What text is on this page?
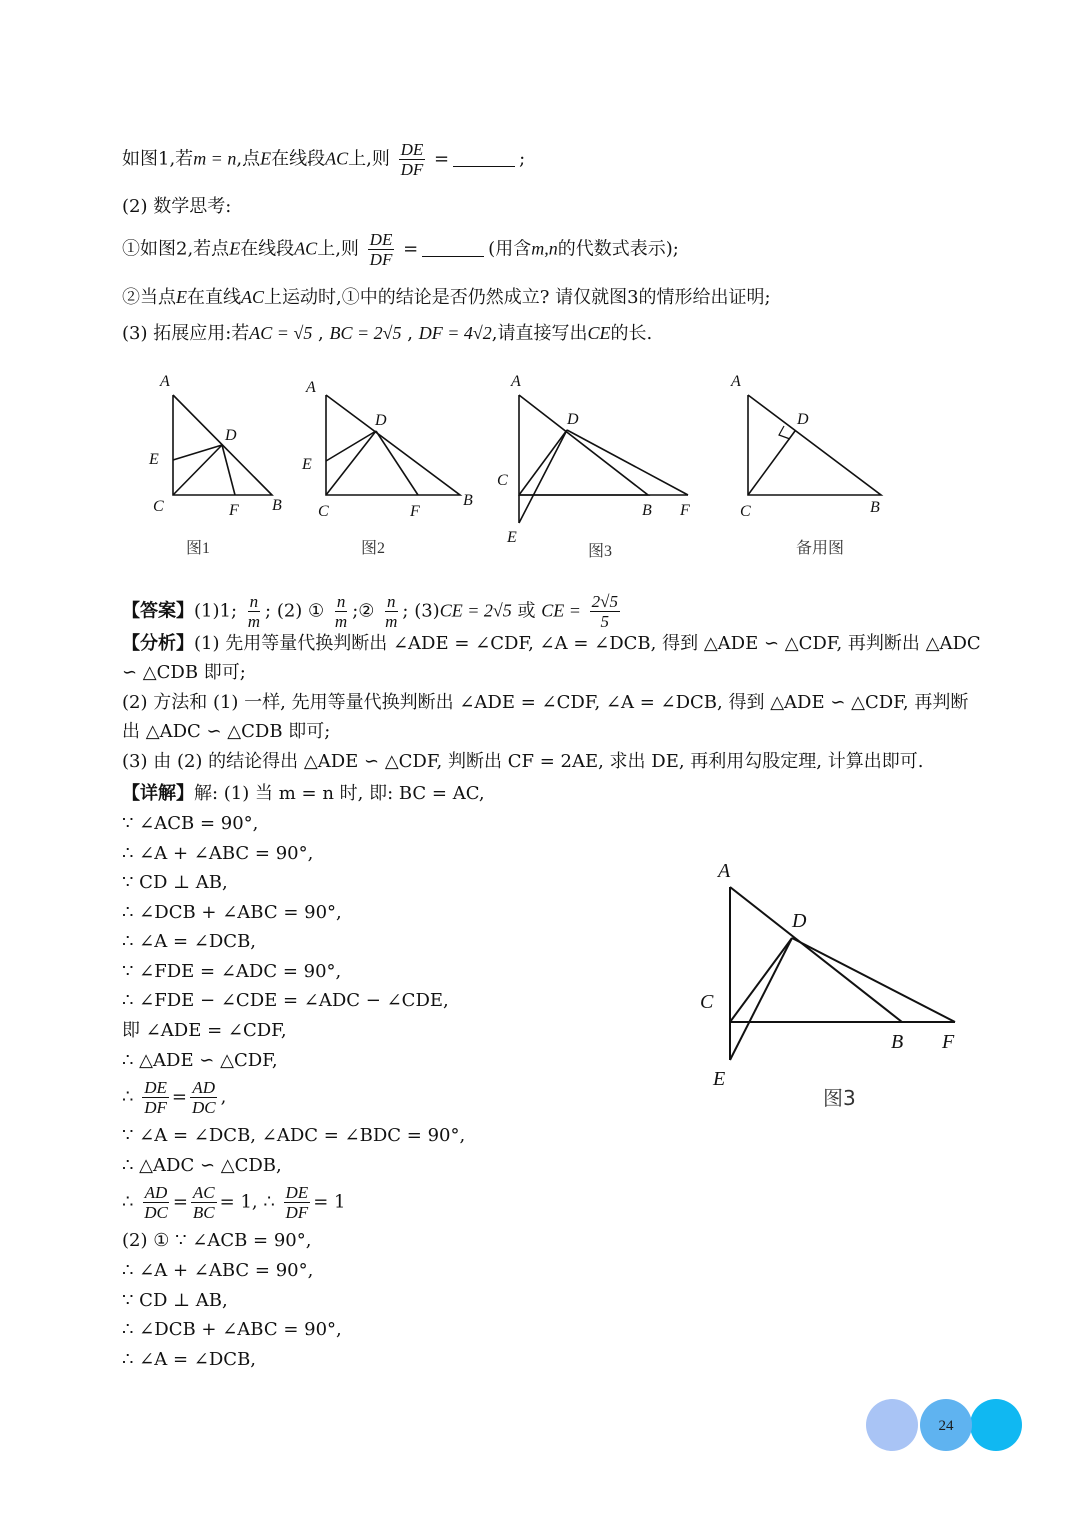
如图1,若m = n,点E在线段AC上,则 $\frac{DE}{DF}$ =	;
(2) 数学思考:
①如图2,若点E在线段AC上,则 $\frac{DE}{DF}$ =	(用含m,n的代数式表示);
②当点E在直线AC上运动时,①中的结论是否仍然成立? 请仅就图3的情形给出证明;
(3) 拓展应用:若AC = √5 , BC = 2√5 , DF = 4√2,请直接写出CE的长.
A
D
E
C	F B
A
D
E
C	F
B
A
D
C
B F
E
A
D
C	B
图1	图2	图3	备用图
【答案】(1)1; $\frac{n}{m}$ ; (2) ① $\frac{n}{m}$ ;② $\frac{n}{m}$ ; (3)CE = 2√5 或 CE = $\frac{2√5}{5}$
【分析】(1) 先用等量代换判断出 ∠ADE = ∠CDF, ∠A = ∠DCB, 得到 △ADE ∽ △CDF, 再判断出 △ADC
∽ △CDB 即可;
(2) 方法和 (1) 一样, 先用等量代换判断出 ∠ADE = ∠CDF, ∠A = ∠DCB, 得到 △ADE ∽ △CDF, 再判断
出 △ADC ∽ △CDB 即可;
(3) 由 (2) 的结论得出 △ADE ∽ △CDF, 判断出 CF = 2AE, 求出 DE, 再利用勾股定理, 计算出即可.
【详解】解: (1) 当 m = n 时, 即: BC = AC,
∵ ∠ACB = 90°,
∴ ∠A + ∠ABC = 90°,
∵ CD ⊥ AB,
∴ ∠DCB + ∠ABC = 90°,
∴ ∠A = ∠DCB,
∵ ∠FDE = ∠ADC = 90°,
∴ ∠FDE − ∠CDE = ∠ADC − ∠CDE,
即 ∠ADE = ∠CDF,
∴ △ADE ∽ △CDF,
∴ $\frac{DE}{DF} = \frac{AD}{DC}$ ,
∵ ∠A = ∠DCB, ∠ADC = ∠BDC = 90°,
∴ △ADC ∽ △CDB,
∴ $\frac{AD}{DC} = \frac{AC}{BC} = 1$, ∴ $\frac{DE}{DF} = 1$
(2) ① ∵ ∠ACB = 90°,
∴ ∠A + ∠ABC = 90°,
∵ CD ⊥ AB,
∴ ∠DCB + ∠ABC = 90°,
∴ ∠A = ∠DCB,
A
D
C
B F
E
图3
24
